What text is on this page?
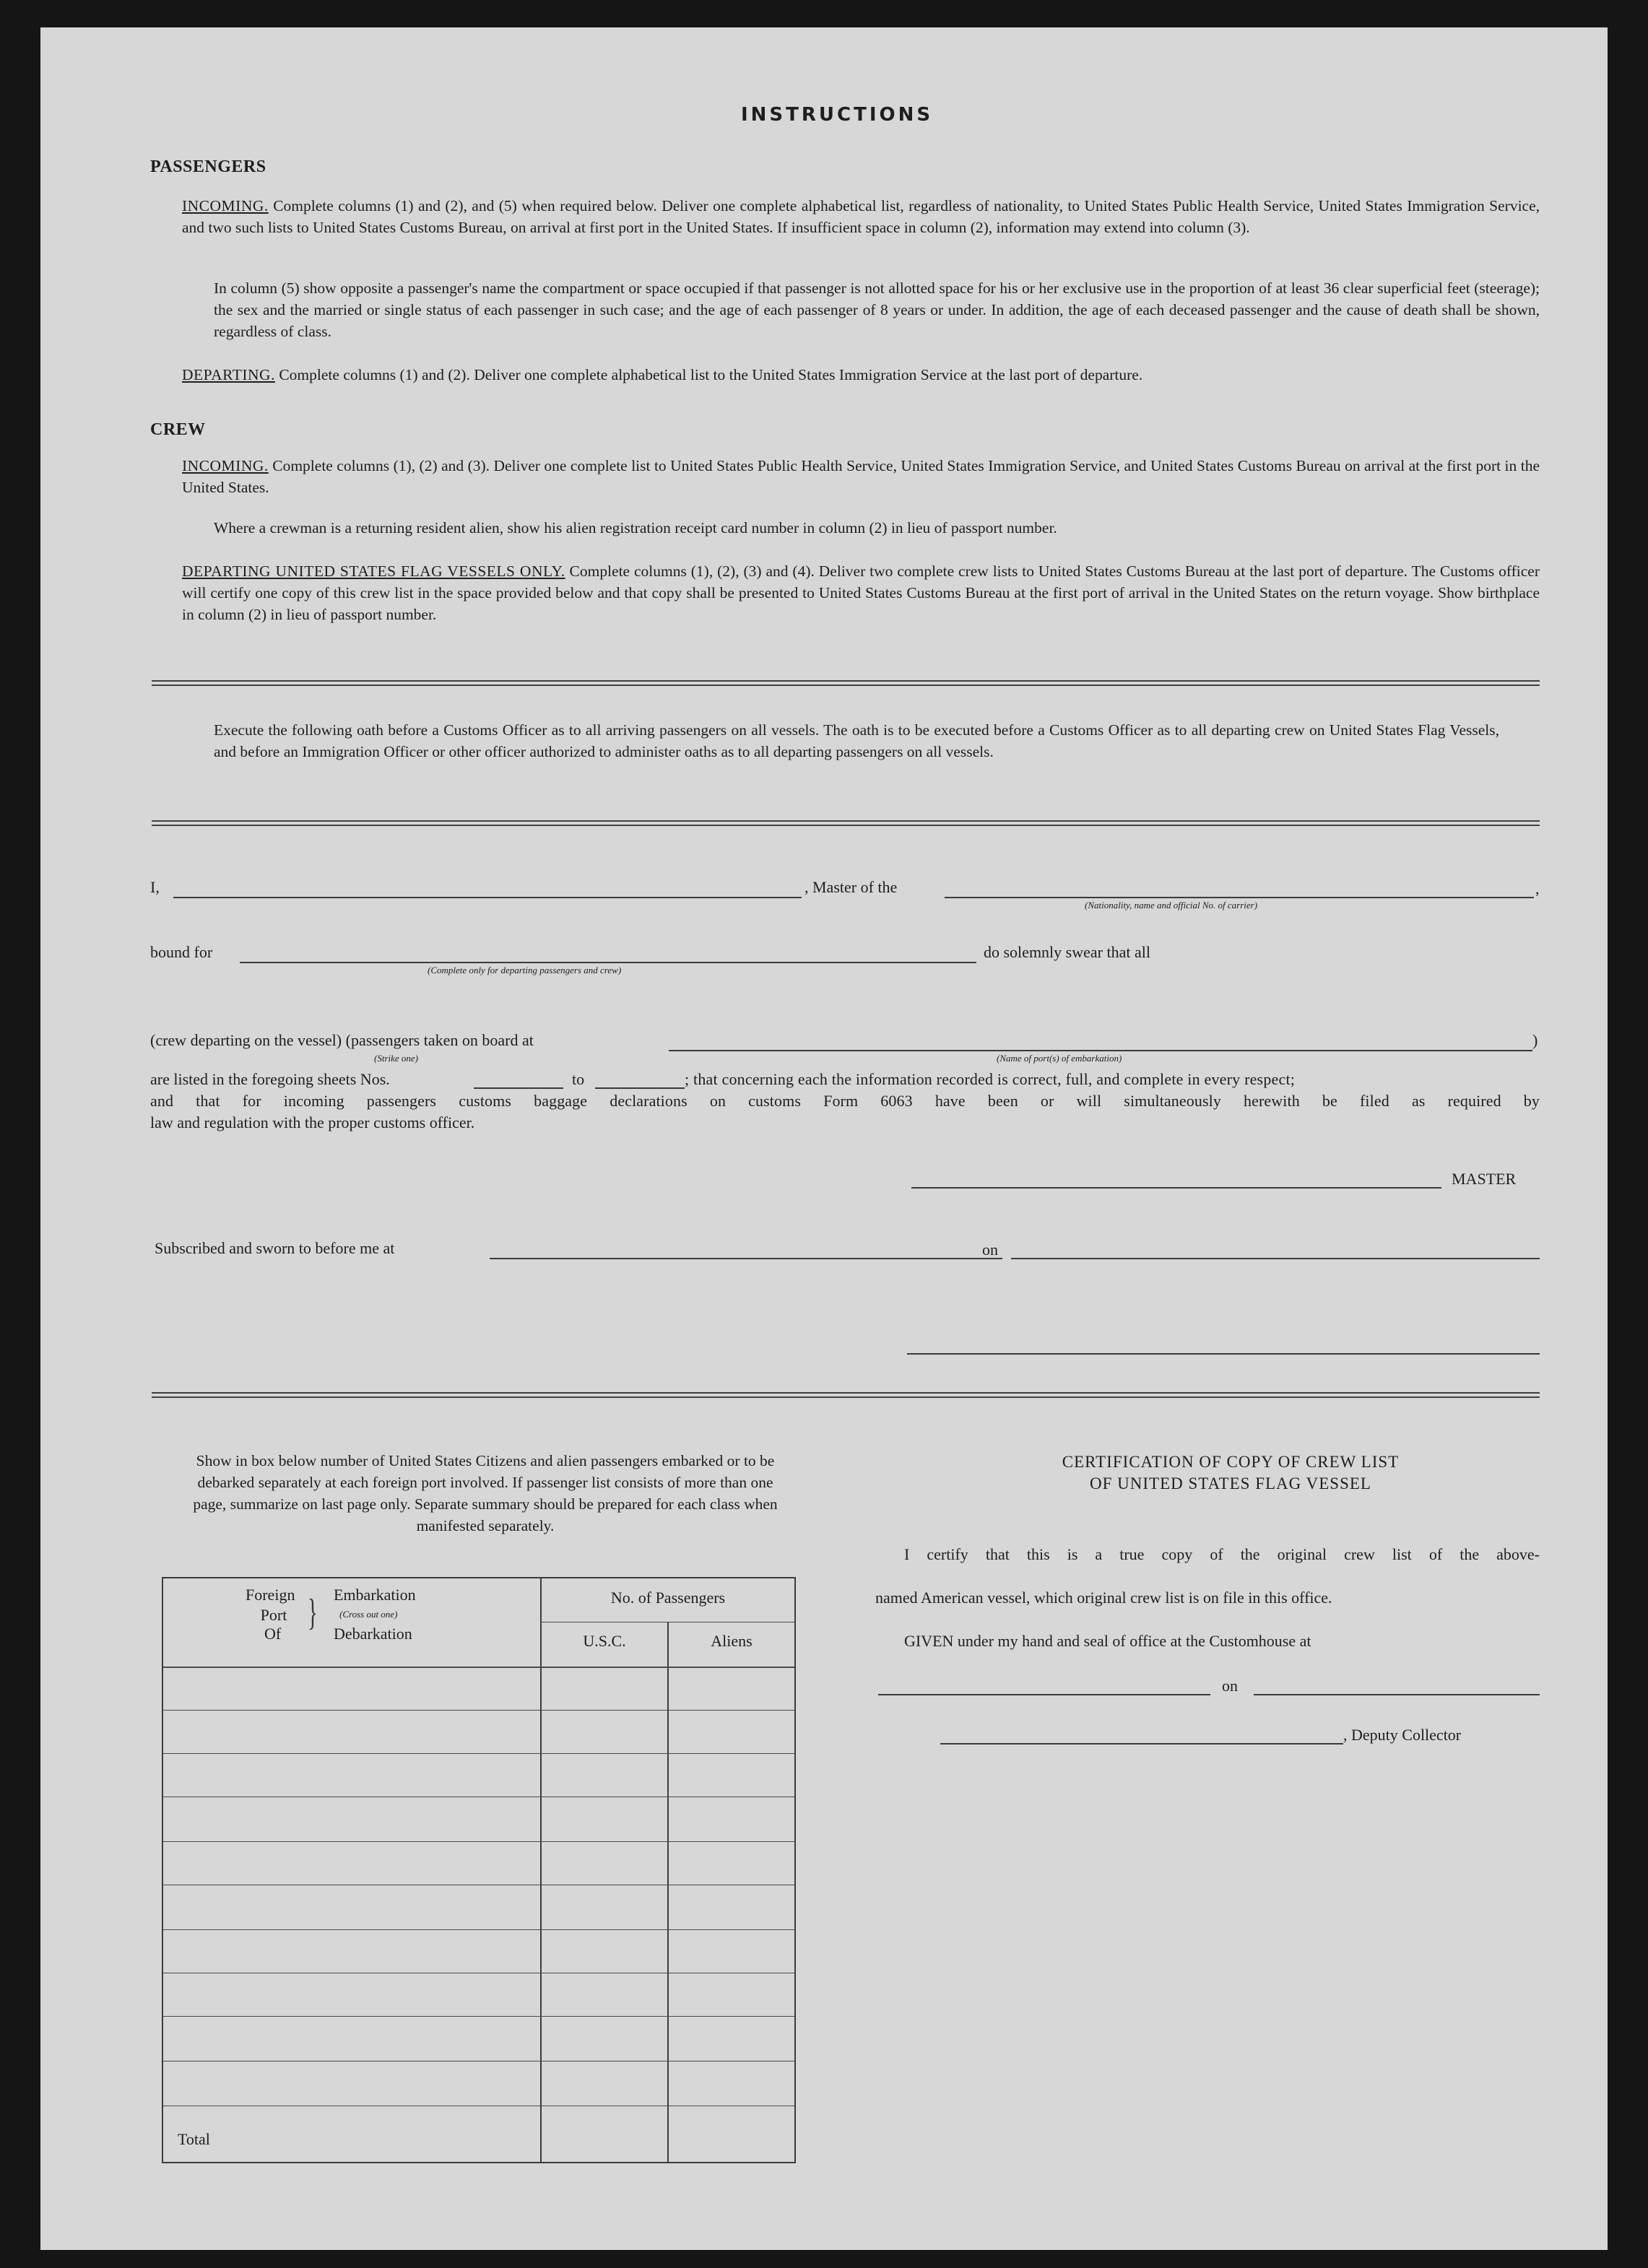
INSTRUCTIONS
PASSENGERS
INCOMING. Complete columns (1) and (2), and (5) when required below. Deliver one complete alphabetical list, regardless of nationality, to United States Public Health Service, United States Immigration Service, and two such lists to United States Customs Bureau, on arrival at first port in the United States. If insufficient space in column (2), information may extend into column (3).
In column (5) show opposite a passenger's name the compartment or space occupied if that passenger is not allotted space for his or her exclusive use in the proportion of at least 36 clear superficial feet (steerage); the sex and the married or single status of each passenger in such case; and the age of each passenger of 8 years or under. In addition, the age of each deceased passenger and the cause of death shall be shown, regardless of class.
DEPARTING. Complete columns (1) and (2). Deliver one complete alphabetical list to the United States Immigration Service at the last port of departure.
CREW
INCOMING. Complete columns (1), (2) and (3). Deliver one complete list to United States Public Health Service, United States Immigration Service, and United States Customs Bureau on arrival at the first port in the United States.
Where a crewman is a returning resident alien, show his alien registration receipt card number in column (2) in lieu of passport number.
DEPARTING UNITED STATES FLAG VESSELS ONLY. Complete columns (1), (2), (3) and (4). Deliver two complete crew lists to United States Customs Bureau at the last port of departure. The Customs officer will certify one copy of this crew list in the space provided below and that copy shall be presented to United States Customs Bureau at the first port of arrival in the United States on the return voyage. Show birthplace in column (2) in lieu of passport number.
Execute the following oath before a Customs Officer as to all arriving passengers on all vessels. The oath is to be executed before a Customs Officer as to all departing crew on United States Flag Vessels, and before an Immigration Officer or other officer authorized to administer oaths as to all departing passengers on all vessels.
I,	, Master of the	,
(Nationality, name and official No. of carrier)
bound for	do solemnly swear that all
(Complete only for departing passengers and crew)
(crew departing on the vessel) (passengers taken on board at	)
(Strike one)	(Name of port(s) of embarkation)
are listed in the foregoing sheets Nos.	to	; that concerning each the information recorded is correct, full, and complete in every respect;
and that for incoming passengers customs baggage declarations on customs Form 6063 have been or will simultaneously herewith be filed as required by
law and regulation with the proper customs officer.
MASTER
Subscribed and sworn to before me at	on
Show in box below number of United States Citizens and alien passengers embarked or to be debarked separately at each foreign port involved. If passenger list consists of more than one page, summarize on last page only. Separate summary should be prepared for each class when manifested separately.
Foreign
Port
Of
} Embarkation
(Cross out one)
Debarkation
No. of Passengers
U.S.C.	Aliens
Total
CERTIFICATION OF COPY OF CREW LIST
OF UNITED STATES FLAG VESSEL
I certify that this is a true copy of the original crew list of the above-
named American vessel, which original crew list is on file in this office.
GIVEN under my hand and seal of office at the Customhouse at
on
, Deputy Collector
